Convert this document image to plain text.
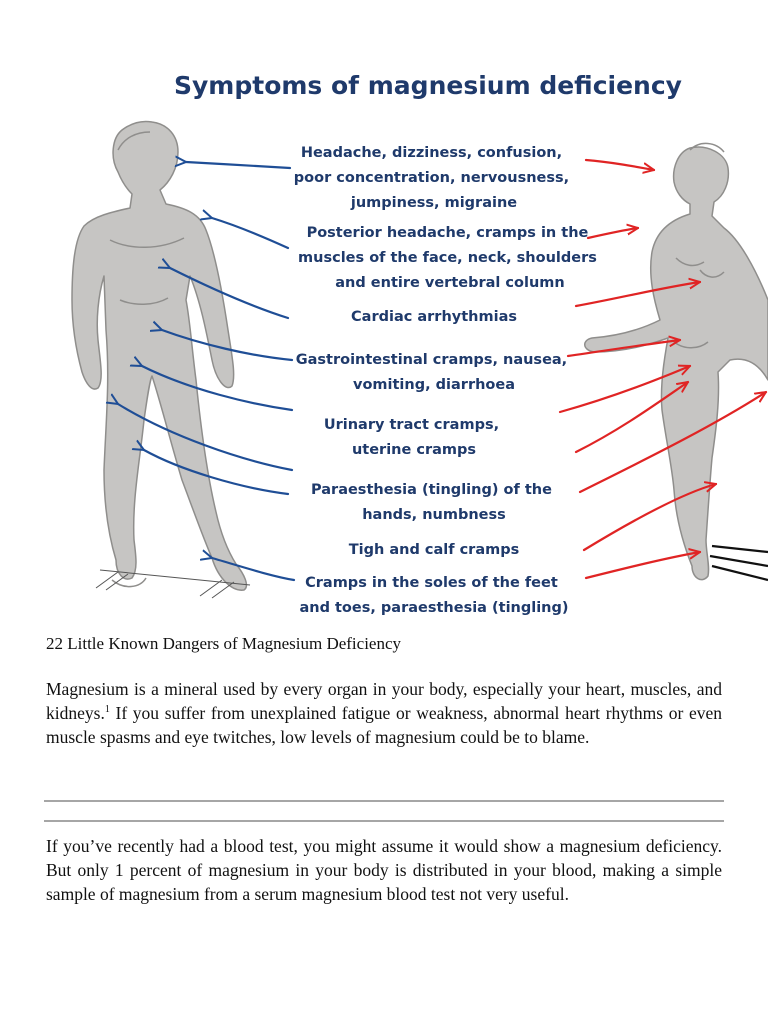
Symptoms of magnesium deficiency
Headache, dizziness, confusion, poor concentration, nervousness, jumpiness, migraine
Posterior headache, cramps in the muscles of the face, neck, shoulders and entire vertebral column
Cardiac arrhythmias
Gastrointestinal cramps, nausea, vomiting, diarrhoea
Urinary tract cramps, uterine cramps
Paraesthesia (tingling) of the hands, numbness
Tigh and calf cramps
Cramps in the soles of the feet and toes, paraesthesia (tingling)
22 Little Known Dangers of Magnesium Deficiency

Magnesium is a mineral used by every organ in your body, especially your heart, muscles, and kidneys.$^1$ If you suffer from unexplained fatigue or weakness, abnormal heart rhythms or even muscle spasms and eye twitches, low levels of magnesium could be to blame.

If you’ve recently had a blood test, you might assume it would show a magnesium deficiency. But only 1 percent of magnesium in your body is distributed in your blood, making a simple sample of magnesium from a serum magnesium blood test not very useful.
